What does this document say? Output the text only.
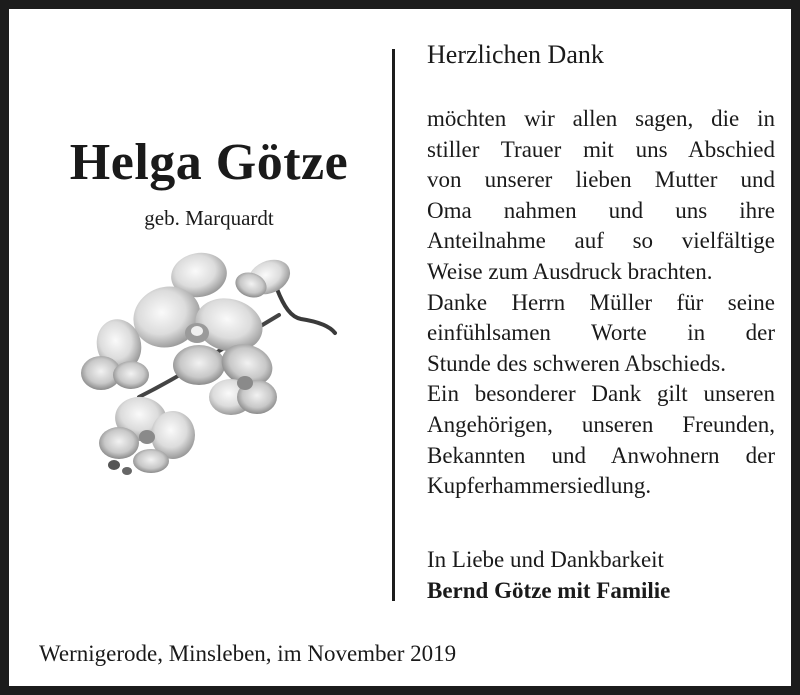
Helga Götze
geb. Marquardt
Herzlichen Dank
möchten wir allen sagen, die in
stiller Trauer mit uns Abschied
von unserer lieben Mutter und
Oma nahmen und uns ihre
Anteilnahme auf so vielfältige
Weise zum Ausdruck brachten.
Danke Herrn Müller für seine
einfühlsamen Worte in der
Stunde des schweren Abschieds.
Ein besonderer Dank gilt unseren
Angehörigen, unseren Freunden,
Bekannten und Anwohnern der
Kupferhammersiedlung.
In Liebe und Dankbarkeit
Bernd Götze mit Familie
Wernigerode, Minsleben, im November 2019
